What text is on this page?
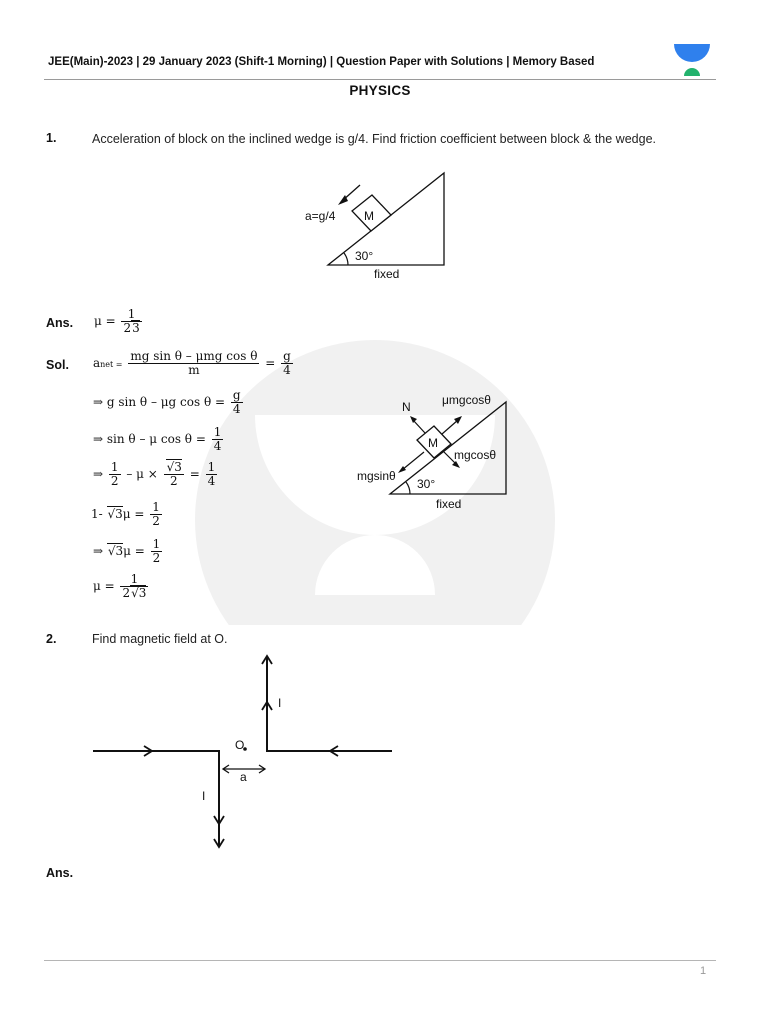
JEE(Main)-2023 | 29 January 2023 (Shift-1 Morning) | Question Paper with Solutions | Memory Based
PHYSICS
1.	Acceleration of block on the inclined wedge is g/4. Find friction coefficient between block & the wedge.
a=g/4 M
30°
fixed
Ans. $\mu = \frac{1}{23}$
Sol. anet = $\frac{\text{mg sin θ – μmg cos θ}}{m} = \frac{g}{4}$
⇒ g sin θ – μg $\cos \theta = \frac{g}{4}$
⇒ sin θ – μ $\cos \theta = \frac{1}{4}$
⇒ $\frac{1}{2} - \mu \times \frac{√3}{2} = \frac{1}{4}$
1- $√3\mu = \frac{1}{2}$
⇒ $√3\mu = \frac{1}{2}$
$\mu = \frac{1}{2√3}$
N	μmgcosθ
M
mgcosθ
mgsinθ
30°
fixed
2.	Find magnetic field at O.
I
I
O
a
Ans.
1
